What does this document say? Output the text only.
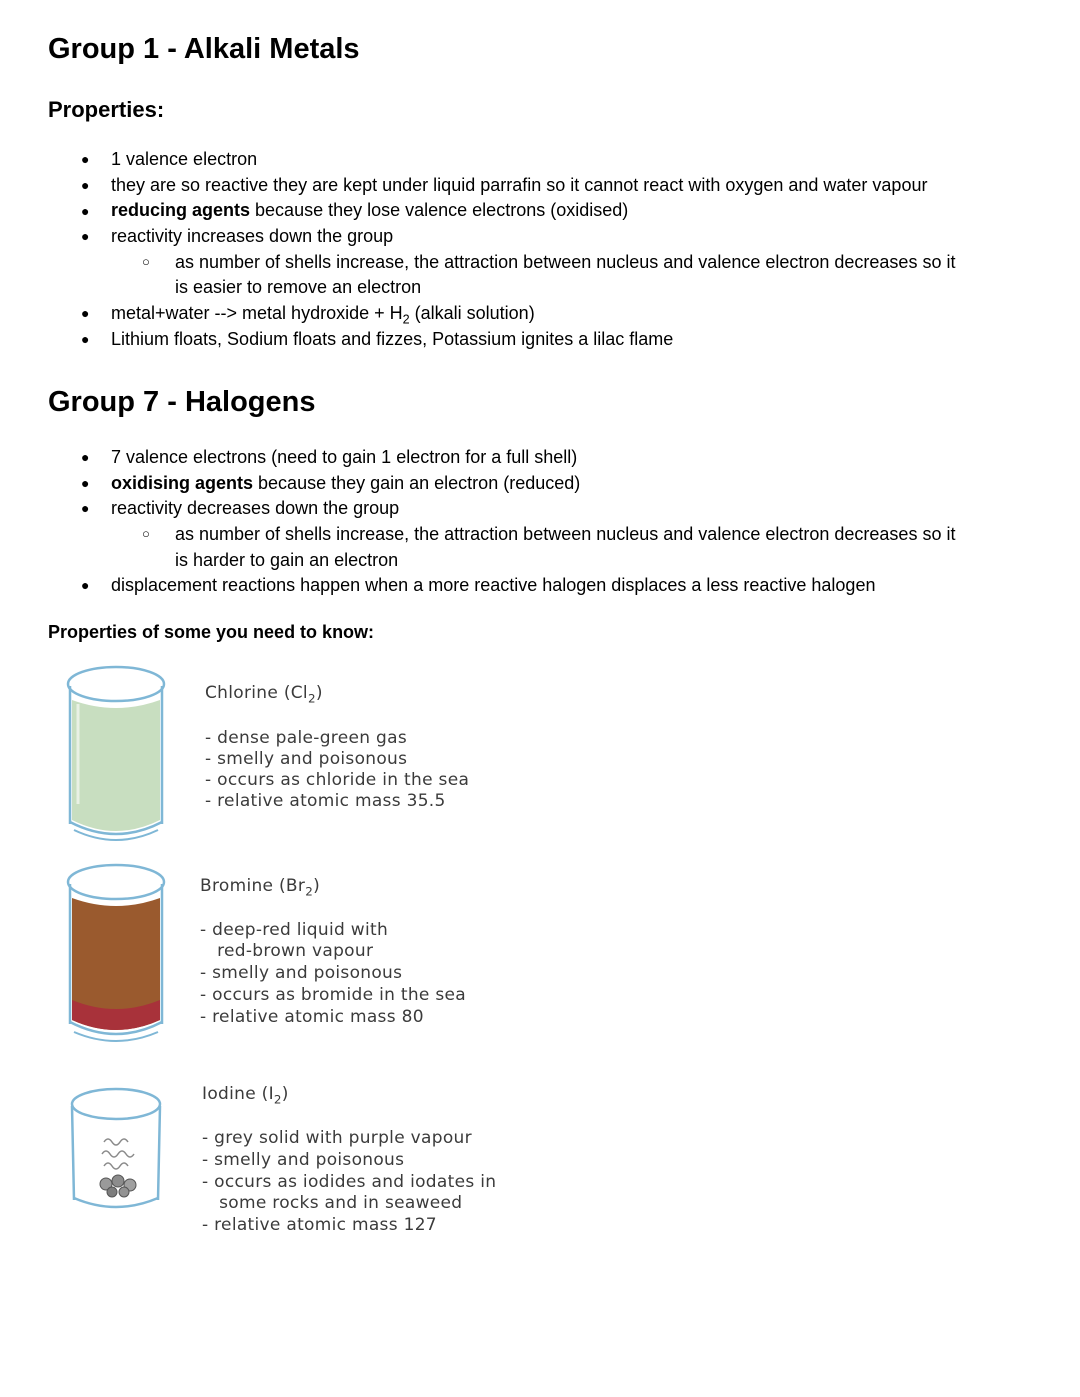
Group 1 - Alkali Metals
Properties:
● 1 valence electron
● they are so reactive they are kept under liquid parrafin so it cannot react with oxygen and water vapour
● reducing agents because they lose valence electrons (oxidised)
● reactivity increases down the group
○ as number of shells increase, the attraction between nucleus and valence electron decreases so it
is easier to remove an electron
● metal+water --> metal hydroxide + $H_2$ (alkali solution)
● Lithium floats, Sodium floats and fizzes, Potassium ignites a lilac flame
Group 7 - Halogens
● 7 valence electrons (need to gain 1 electron for a full shell)
● oxidising agents because they gain an electron (reduced)
● reactivity decreases down the group
○ as number of shells increase, the attraction between nucleus and valence electron decreases so it
is harder to gain an electron
● displacement reactions happen when a more reactive halogen displaces a less reactive halogen
Properties of some you need to know:
Chlorine $(Cl_2)$
- dense pale-green gas
- smelly and poisonous
- occurs as chloride in the sea
- relative atomic mass 35.5
Bromine $(Br_2)$
- deep-red liquid with
red-brown vapour
- smelly and poisonous
- occurs as bromide in the sea
- relative atomic mass 80
Iodine $(I_2)$
- grey solid with purple vapour
- smelly and poisonous
- occurs as iodides and iodates in
some rocks and in seaweed
- relative atomic mass 127
